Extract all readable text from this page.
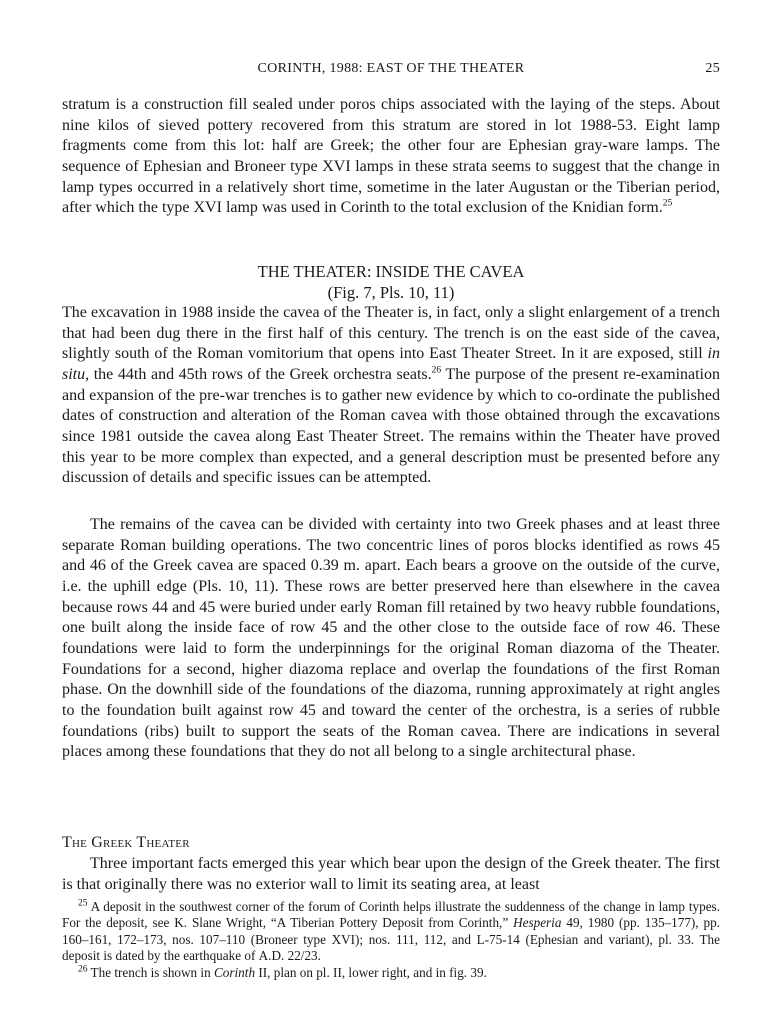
CORINTH, 1988: EAST OF THE THEATER	25

stratum is a construction fill sealed under poros chips associated with the laying of the steps. About nine kilos of sieved pottery recovered from this stratum are stored in lot 1988-53. Eight lamp fragments come from this lot: half are Greek; the other four are Ephesian gray-ware lamps. The sequence of Ephesian and Broneer type XVI lamps in these strata seems to suggest that the change in lamp types occurred in a relatively short time, sometime in the later Augustan or the Tiberian period, after which the type XVI lamp was used in Corinth to the total exclusion of the Knidian form.$^{25}$

THE THEATER: INSIDE THE CAVEA
(Fig. 7, Pls. 10, 11)

The excavation in 1988 inside the cavea of the Theater is, in fact, only a slight enlargement of a trench that had been dug there in the first half of this century. The trench is on the east side of the cavea, slightly south of the Roman vomitorium that opens into East Theater Street. In it are exposed, still in situ, the 44th and 45th rows of the Greek orchestra seats.$^{26}$ The purpose of the present re-examination and expansion of the pre-war trenches is to gather new evidence by which to co-ordinate the published dates of construction and alteration of the Roman cavea with those obtained through the excavations since 1981 outside the cavea along East Theater Street. The remains within the Theater have proved this year to be more complex than expected, and a general description must be presented before any discussion of details and specific issues can be attempted.

The remains of the cavea can be divided with certainty into two Greek phases and at least three separate Roman building operations. The two concentric lines of poros blocks identified as rows 45 and 46 of the Greek cavea are spaced 0.39 m. apart. Each bears a groove on the outside of the curve, i.e. the uphill edge (Pls. 10, 11). These rows are better preserved here than elsewhere in the cavea because rows 44 and 45 were buried under early Roman fill retained by two heavy rubble foundations, one built along the inside face of row 45 and the other close to the outside face of row 46. These foundations were laid to form the underpinnings for the original Roman diazoma of the Theater. Foundations for a second, higher diazoma replace and overlap the foundations of the first Roman phase. On the downhill side of the foundations of the diazoma, running approximately at right angles to the foundation built against row 45 and toward the center of the orchestra, is a series of rubble foundations (ribs) built to support the seats of the Roman cavea. There are indications in several places among these foundations that they do not all belong to a single architectural phase.

The Greek Theater

Three important facts emerged this year which bear upon the design of the Greek theater. The first is that originally there was no exterior wall to limit its seating area, at least

$^{25}$ A deposit in the southwest corner of the forum of Corinth helps illustrate the suddenness of the change in lamp types. For the deposit, see K. Slane Wright, “A Tiberian Pottery Deposit from Corinth,” Hesperia 49, 1980 (pp. 135–177), pp. 160–161, 172–173, nos. 107–110 (Broneer type XVI); nos. 111, 112, and L-75-14 (Ephesian and variant), pl. 33. The deposit is dated by the earthquake of A.D. 22/23.

$^{26}$ The trench is shown in Corinth II, plan on pl. II, lower right, and in fig. 39.
